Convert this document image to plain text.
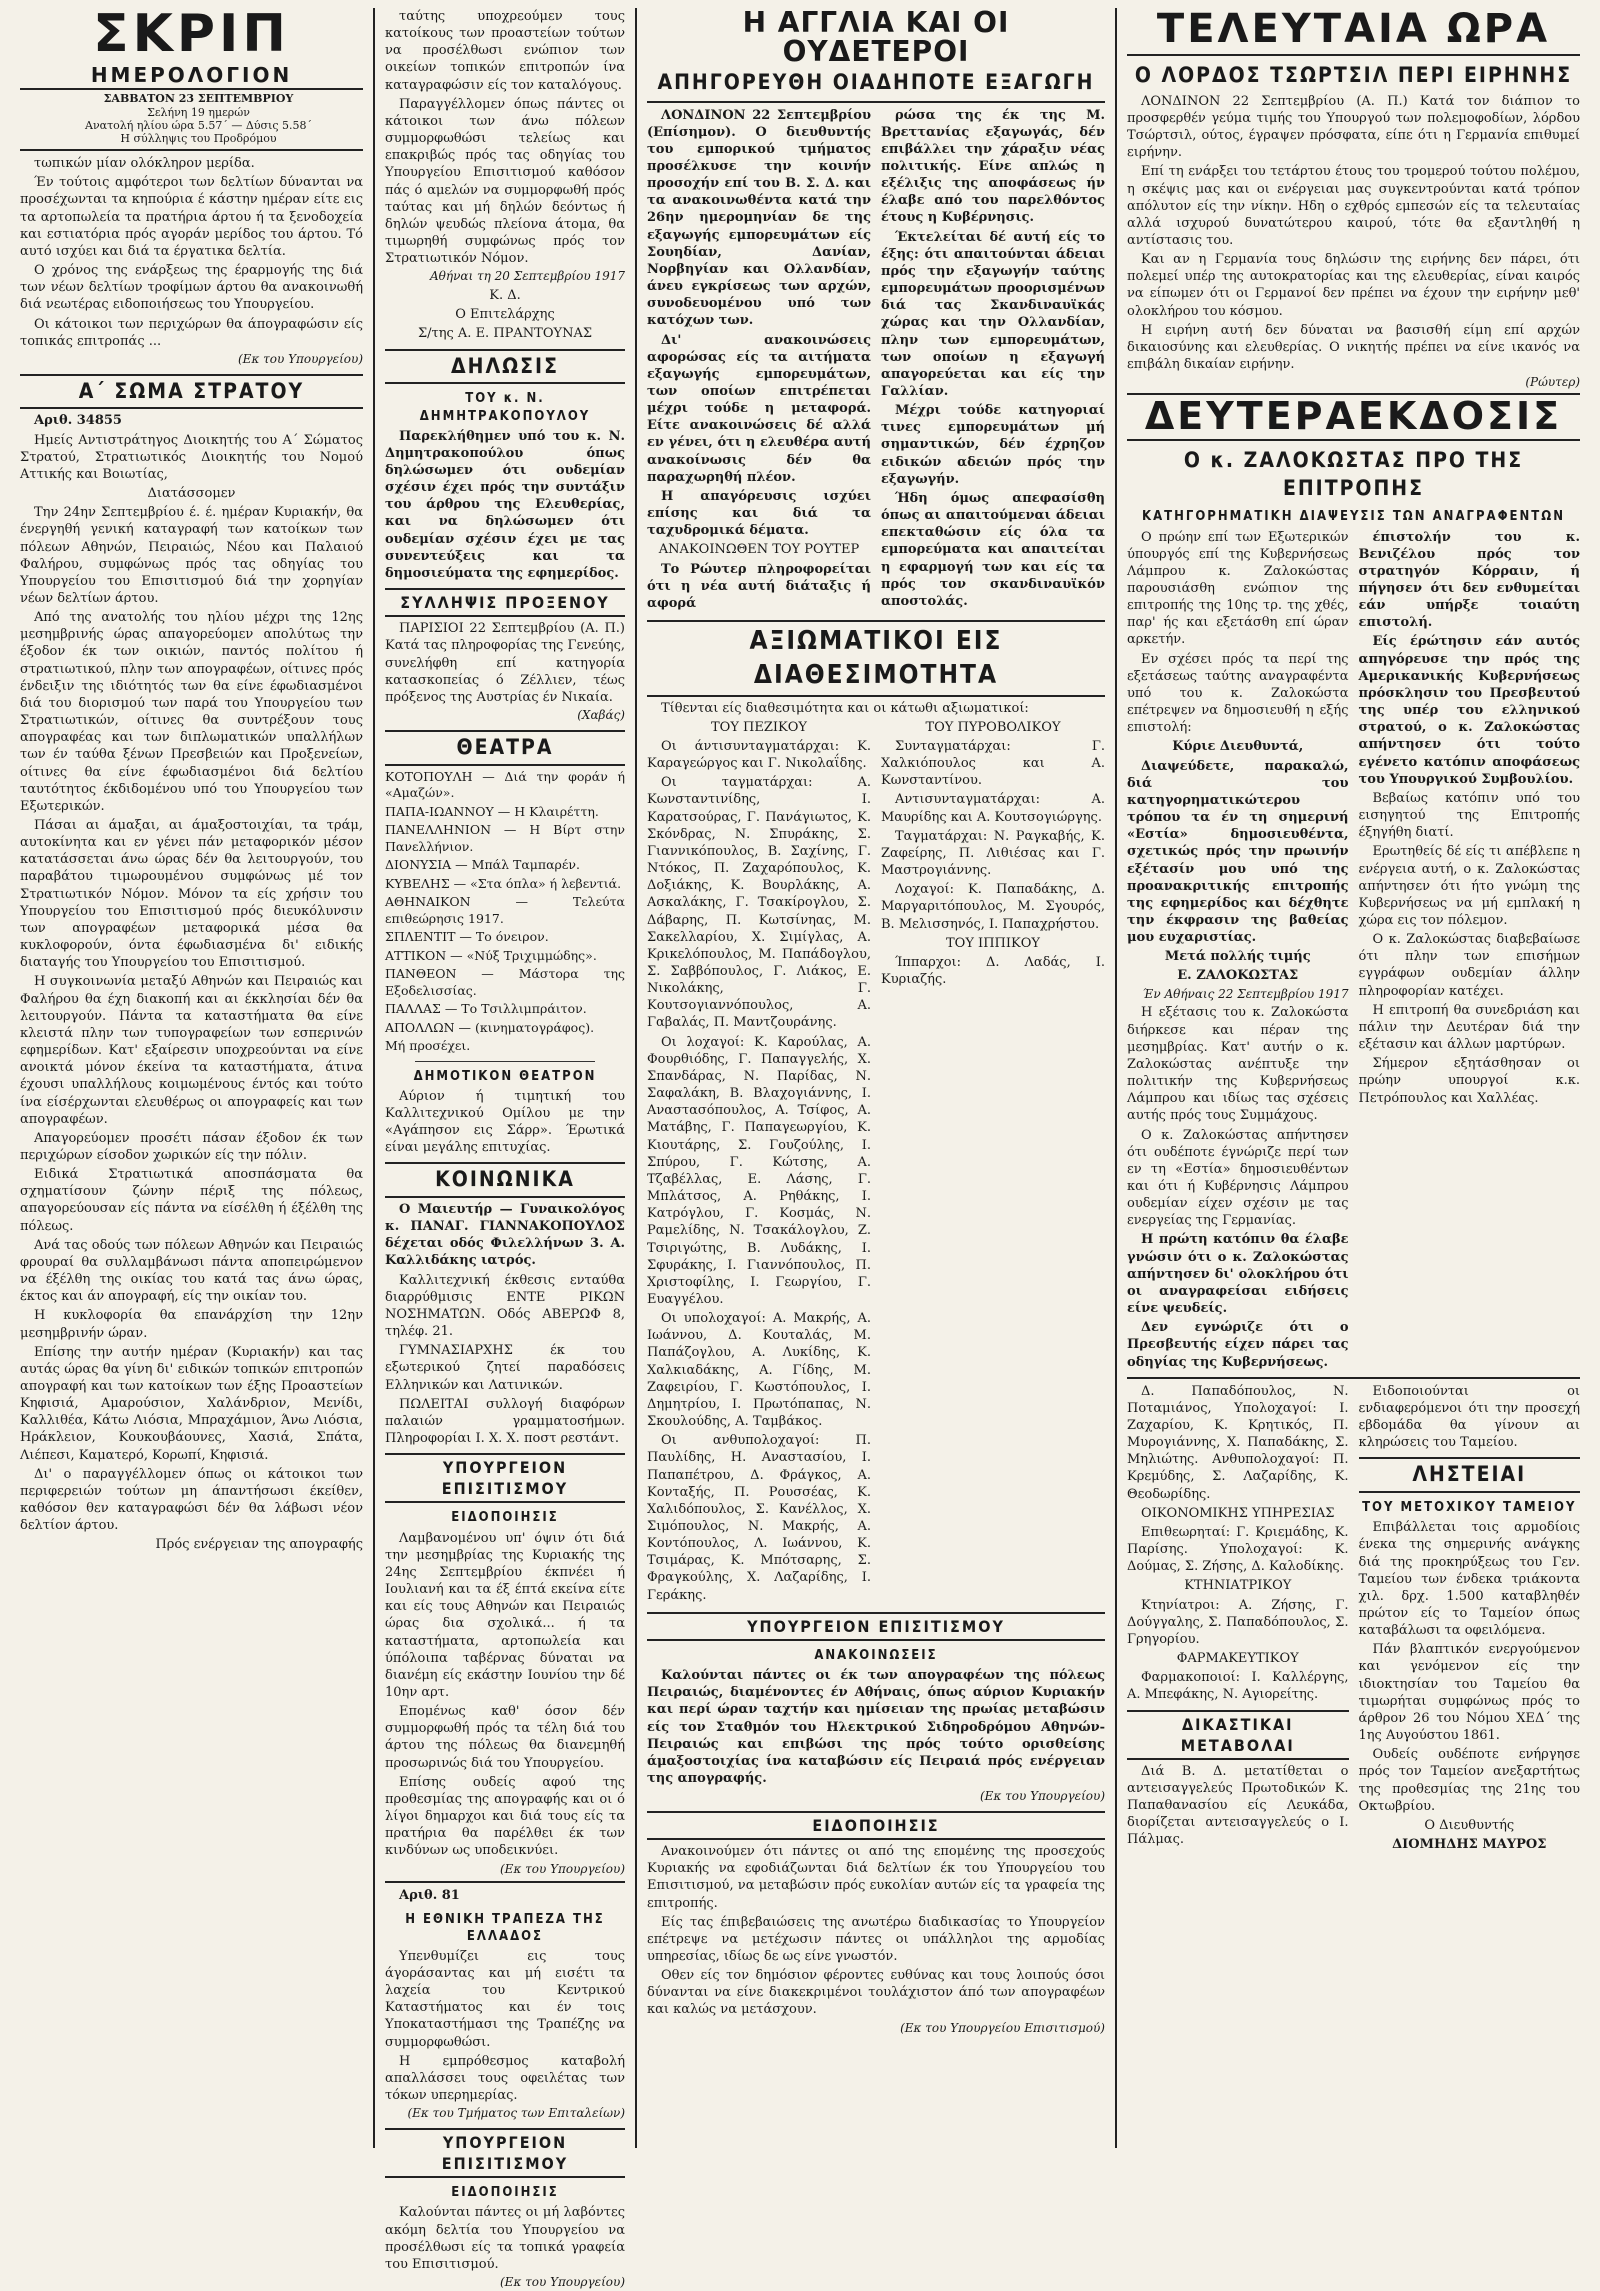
ΣΚΡΙΠ
ΗΜΕΡΟΛΟΓΙΟΝ

ΣΑΒΒΑΤΟΝ 23 ΣΕΠΤΕΜΒΡΙΟΥ

Σελήνη 19 ημερών

Ανατολή ηλίου ώρα 5.57΄ — Δύσις 5.58΄

Η σύλληψις του Προδρόμου

τωπικών μίαν ολόκληρον μερίδα.

Έν τούτοις αμφότεροι των δελτίων δύνανται να προσέχωνται τα κηπούρια έ κάστην ημέραν είτε εις τα αρτοπωλεία τα πρατήρια άρτου ή τα ξενοδοχεία και εστιατόρια πρός αγοράν μερίδος του άρτου. Τό αυτό ισχύει και διά τα έργατικα δελτία.

Ο χρόνος της ενάρξεως της έραρμογής της διά των νέων δελτίων τροφίμων άρτου θα ανακοινωθή διά νεωτέρας ειδοποιήσεως του Υπουργείου.

Οι κάτοικοι των περιχώρων θα άπογραφώσιν είς τοπικάς επιτροπάς ...

(Εκ του Υπουργείου)

Α΄ ΣΩΜΑ ΣΤΡΑΤΟΥ

Αριθ. 34855

Ημείς Αντιστράτηγος Διοικητής του Α΄ Σώματος Στρατού, Στρατιωτικός Διοικητής του Νομού Αττικής και Βοιωτίας,

Διατάσσομεν

Την 24ην Σεπτεμβρίου έ. έ. ημέραν Κυριακήν, θα ένεργηθή γενική καταγραφή των κατοίκων των πόλεων Αθηνών, Πειραιώς, Νέου και Παλαιού Φαλήρου, συμφώνως πρός τας οδηγίας του Υπουργείου του Επισιτισμού διά την χορηγίαν νέων δελτίων άρτου.

Από της ανατολής του ηλίου μέχρι της 12ης μεσημβρινής ώρας απαγορεύομεν απολύτως την έξοδον έκ των οικιών, παντός πολίτου ή στρατιωτικού, πλην των απογραφέων, οίτινες πρός ένδειξιν της ιδιότητός των θα είνε έφωδιασμένοι διά του διορισμού των παρά του Υπουργείου των Στρατιωτικών, οίτινες θα συντρέξουν τους απογραφέας και των διπλωματικών υπαλλήλων των έν ταύθα ξένων Πρεσβειών και Προξενείων, οίτινες θα είνε έφωδιασμένοι διά δελτίου ταυτότητος έκδιδομένου υπό του Υπουργείου των Εξωτερικών.

Πάσαι αι άμαξαι, αι άμαξοστοιχίαι, τα τράμ, αυτοκίνητα και εν γένει πάν μεταφορικόν μέσον κατατάσσεται άνω ώρας δέν θα λειτουργούν, του παραβάτου τιμωρουμένου συμφώνως μέ τον Στρατιωτικόν Νόμον. Μόνον τα είς χρήσιν του Υπουργείου του Επισιτισμού πρός διευκόλυνσιν των απογραφέων μεταφορικά μέσα θα κυκλοφορούν, όντα έφωδιασμένα δι' ειδικής διαταγής του Υπουργείου του Επισιτισμού.

Η συγκοινωνία μεταξύ Αθηνών και Πειραιώς και Φαλήρου θα έχη διακοπή και αι έκκλησίαι δέν θα λειτουργούν. Πάντα τα καταστήματα θα είνε κλειστά πλην των τυπογραφείων των εσπερινών εφημερίδων. Κατ' εξαίρεσιν υποχρεούνται να είνε ανοικτά μόνον έκείνα τα καταστήματα, άτινα έχουσι υπαλλήλους κοιμωμένους έντός και τούτο ίνα είσέρχωνται ελευθέρως οι απογραφείς και των απογραφέων.

Απαγορεύομεν προσέτι πάσαν έξοδον έκ των περιχώρων είσοδον χωρικών είς την πόλιν.

Ειδικά Στρατιωτικά αποσπάσματα θα σχηματίσουν ζώνην πέριξ της πόλεως, απαγορεύουσαν είς πάντα να είσέλθη ή έξέλθη της πόλεως.

Ανά τας οδούς των πόλεων Αθηνών και Πειραιώς φρουραί θα συλλαμβάνωσι πάντα αποπειρώμενον να έξέλθη της οικίας του κατά τας άνω ώρας, έκτος και άν απογραφή, είς την οικίαν του.

Η κυκλοφορία θα επανάρχίση την 12ην μεσημβρινήν ώραν.

Επίσης την αυτήν ημέραν (Κυριακήν) και τας αυτάς ώρας θα γίνη δι' ειδικών τοπικών επιτροπών απογραφή και των κατοίκων των έξης Προαστείων Κηφισιά, Αμαρούσιον, Χαλάνδριον, Μενίδι, Καλλιθέα, Κάτω Λιόσια, Μπραχάμιον, Άνω Λιόσια, Ηράκλειον, Κουκουβάουνες, Χασιά, Σπάτα, Λιέπεσι, Καματερό, Κορωπί, Κηφισιά.

Δι' ο παραγγέλλομεν όπως οι κάτοικοι των περιφερειών τούτων μη άπαντήσωσι έκείθεν, καθόσον θεν καταγραφώσι δέν θα λάβωσι νέον δελτίον άρτου.

Πρός ενέργειαν της απογραφής

ταύτης υποχρεούμεν τους κατοίκους των προαστείων τούτων να προσέλθωσι ενώπιον των οικείων τοπικών επιτροπών ίνα καταγραφώσιν είς τον καταλόγους.

Παραγγέλλομεν όπως πάντες οι κάτοικοι των άνω πόλεων συμμορφωθώσι τελείως και επακριβώς πρός τας οδηγίας του Υπουργείου Επισιτισμού καθόσον πάς ό αμελών να συμμορφωθή πρός ταύτας και μή δηλών δεόντως ή δηλών ψευδώς πλείονα άτομα, θα τιμωρηθή συμφώνως πρός τον Στρατιωτικόν Νόμον.

Αθήναι τη 20 Σεπτεμβρίου 1917

Κ. Δ.

Ο Επιτελάρχης

Σ/της Α. Ε. ΠΡΑΝΤΟΥΝΑΣ

ΔΗΛΩΣΙΣ
ΤΟΥ κ. Ν. ΔΗΜΗΤΡΑΚΟΠΟΥΛΟΥ

Παρεκλήθημεν υπό του κ. Ν. Δημητρακοπούλου όπως δηλώσωμεν ότι ουδεμίαν σχέσιν έχει πρός την συντάξιν του άρθρου της Ελευθερίας, και να δηλώσωμεν ότι ουδεμίαν σχέσιν έχει με τας συνεντεύξεις και τα δημοσιεύματα της εφημερίδος.

ΣΥΛΛΗΨΙΣ ΠΡΟΞΕΝΟΥ

ΠΑΡΙΣΙΟΙ 22 Σεπτεμβρίου (Α. Π.) Κατά τας πληροφορίας της Γενεύης, συνελήφθη επί κατηγορία κατασκοπείας ό Ζέλλιεν, τέως πρόξενος της Αυστρίας έν Νικαία.

(Χαβάς)

ΘΕΑΤΡΑ

ΚΟΤΟΠΟΥΛΗ — Διά την φοράν ή «Αμαζών».

ΠΑΠΑ-ΙΩΑΝΝΟΥ — Η Κλαιρέττη.

ΠΑΝΕΛΛΗΝΙΟΝ — Η Βίρτ στην Πανελλήνιον.

ΔΙΟΝΥΣΙΑ — Μπάλ Ταμπαρέν.

ΚΥΒΕΛΗΣ — «Στα όπλα» ή λεβεντιά.

ΑΘΗΝΑΙΚΟΝ — Τελεύτα επιθεώρησις 1917.

ΣΠΛΕΝΤΙΤ — Το όνειρον.

ΑΤΤΙΚΟΝ — «Νύξ Τριχιμμώδης».

ΠΑΝΘΕΟΝ — Μάστορα της Εξοδελισσίας.

ΠΑΛΛΑΣ — Το Τσιλλιμπράιτον.

ΑΠΟΛΛΩΝ — (κινηματογράφος).

Μή προσέχει.

ΔΗΜΟΤΙΚΟΝ ΘΕΑΤΡΟΝ

Αύριον ή τιμητική του Καλλιτεχνικού Ομίλου με την «Αγάπησον εις Σάρρ». Έρωτικά είναι μεγάλης επιτυχίας.

ΚΟΙΝΩΝΙΚΑ

Ο Μαιευτήρ — Γυναικολόγος κ. ΠΑΝΑΓ. ΓΙΑΝΝΑΚΟΠΟΥΛΟΣ δέχεται οδός Φιλελλήνων 3. Α. Καλλιδάκης ιατρός.

Καλλιτεχνική έκθεσις ενταύθα διαρρύθμισις ΕΝΤΕ ΡΙΚΩΝ ΝΟΣΗΜΑΤΩΝ. Οδός ΑΒΕΡΩΦ 8, τηλέφ. 21.

ΓΥΜΝΑΣΙΑΡΧΗΣ έκ του εξωτερικού ζητεί παραδόσεις Ελληνικών και Λατινικών.

ΠΩΛΕΙΤΑΙ συλλογή διαφόρων παλαιών γραμματοσήμων. Πληροφορίαι Ι. Χ. Χ. ποστ ρεστάντ.

ΥΠΟΥΡΓΕΙΟΝ ΕΠΙΣΙΤΙΣΜΟΥ
ΕΙΔΟΠΟΙΗΣΙΣ

Λαμβανομένου υπ' όψιν ότι διά την μεσημβρίας της Κυριακής της 24ης Σεπτεμβρίου έκπνέει ή Ιουλιανή και τα έξ έπτά εκείνα είτε και είς τους Αθηνών και Πειραιώς ώρας δια σχολικά... ή τα καταστήματα, αρτοπωλεία και ύπόλοιπα ταβέρνας δύναται να διανέμη είς εκάστην Ιουνίου την δέ 10ην αρτ.

Επομένως καθ' όσον δέν συμμορφωθή πρός τα τέλη διά του άρτου της πόλεως θα διανεμηθή προσωρινώς διά του Υπουργείου.

Επίσης ουδείς αφού της προθεσμίας της απογραφής και οι ό λίγοι δημαρχοι και διά τους είς τα πρατήρια θα παρέλθει έκ των κινδύνων ως υποδεικνύει.

(Εκ του Υπουργείου)

Αριθ. 81

Η ΕΘΝΙΚΗ ΤΡΑΠΕΖΑ ΤΗΣ ΕΛΛΑΔΟΣ

Υπενθυμίζει εις τους άγοράσαντας και μή εισέτι τα λαχεία του Κεντρικού Καταστήματος και έν τοις Υποκαταστήμασι της Τραπέζης να συμμορφωθώσι.

Η εμπρόθεσμος καταβολή απαλλάσσει τους οφειλέτας των τόκων υπερημερίας.

(Εκ του Τμήματος των Επιταλείων)

ΥΠΟΥΡΓΕΙΟΝ ΕΠΙΣΙΤΙΣΜΟΥ
ΕΙΔΟΠΟΙΗΣΙΣ

Καλούνται πάντες οι μή λαβόντες ακόμη δελτία του Υπουργείου να προσέλθωσι είς τα τοπικά γραφεία του Επισιτισμού.

(Εκ του Υπουργείου)

Η ΑΓΓΛΙΑ ΚΑΙ ΟΙ ΟΥΔΕΤΕΡΟΙ
ΑΠΗΓΟΡΕΥΘΗ ΟΙΑΔΗΠΟΤΕ ΕΞΑΓΩΓΗ

ΛΟΝΔΙΝΟΝ 22 Σεπτεμβρίου (Επίσημον). Ο διευθυντής του εμπορικού τμήματος προσέλκυσε την κοινήν προσοχήν επί του Β. Σ. Δ. και τα ανακοινωθέντα κατά την 26ην ημερομηνίαν δε της εξαγωγής εμπορευμάτων είς Σουηδίαν, Δανίαν, Νορβηγίαν και Ολλανδίαν, άνευ εγκρίσεως των αρχών, συνοδευομένου υπό των κατόχων των.

Δι' ανακοινώσεις αφορώσας είς τα αιτήματα εξαγωγής εμπορευμάτων, των οποίων επιτρέπεται μέχρι τούδε η μεταφορά. Είτε ανακοινώσεις δέ αλλά εν γένει, ότι η ελευθέρα αυτή ανακοίνωσις δέν θα παραχωρηθή πλέον.

Η απαγόρευσις ισχύει επίσης και διά τα ταχυδρομικά δέματα.

ΑΝΑΚΟΙΝΩΘΕΝ ΤΟΥ ΡΟΥΤΕΡ

Το Ρώυτερ πληροφορείται ότι η νέα αυτή διάταξις ή αφορά

ρώσα της έκ της Μ. Βρεττανίας εξαγωγάς, δέν επιβάλλει την χάραξιν νέας πολιτικής. Είνε απλώς η εξέλιξις της αποφάσεως ήν έλαβε από του παρελθόντος έτους η Κυβέρνησις.

Έκτελείται δέ αυτή είς το έξης: ότι απαιτούνται άδειαι πρός την εξαγωγήν ταύτης εμπορευμάτων προορισμένων διά τας Σκανδιναυϊκάς χώρας και την Ολλανδίαν, πλην των εμπορευμάτων, των οποίων η εξαγωγή απαγορεύεται και είς την Γαλλίαν.

Μέχρι τούδε κατηγοριαί τινες εμπορευμάτων μή σημαντικών, δέν έχρηζον ειδικών αδειών πρός την εξαγωγήν.

Ήδη όμως απεφασίσθη όπως αι απαιτούμεναι άδειαι επεκταθώσιν είς όλα τα εμπορεύματα και απαιτείται η εφαρμογή των και είς τα πρός τον σκανδιναυϊκόν αποστολάς.

ΑΞΙΩΜΑΤΙΚΟΙ ΕΙΣ ΔΙΑΘΕΣΙΜΟΤΗΤΑ

Τίθενται είς διαθεσιμότητα και οι κάτωθι αξιωματικοί:

ΤΟΥ ΠΕΖΙΚΟΥ

Οι άντισυνταγματάρχαι: Κ. Καραγεώργος και Γ. Νικολαΐδης.

Οι ταγματάρχαι: Α. Κωνσταντινίδης, Ι. Καρατσούρας, Γ. Πανάγιωτος, Κ. Σκόνδρας, Ν. Σπυράκης, Σ. Γιαννικόπουλος, Β. Σαχίνης, Γ. Ντόκος, Π. Ζαχαρόπουλος, Κ. Δοξιάκης, Κ. Βουρλάκης, Α. Ασκαλάκης, Γ. Τσακίρογλου, Σ. Δάβαρης, Π. Κωτσίνηας, Μ. Σακελλαρίου, Χ. Σιμίγλας, Α. Κρικελόπουλος, Μ. Παπάδογλου, Σ. Σαββόπουλος, Γ. Λιάκος, Ε. Νικολάκης, Γ. Κουτσογιαννόπουλος, Α. Γαβαλάς, Π. Μαντζουράνης.

Οι λοχαγοί: Κ. Καρούλας, Α. Φουρθιόδης, Γ. Παπαγγελής, Χ. Σπανδάρας, Ν. Παρίδας, Ν. Σαφαλάκη, Β. Βλαχογιάννης, Ι. Αναστασόπουλος, Α. Τσίφος, Α. Ματάβης, Γ. Παπαγεωργίου, Κ. Κιουτάρης, Σ. Γουζούλης, Ι. Σπύρου, Γ. Κώτσης, Α. Τζαβέλλας, Ε. Λάσης, Γ. Μπλάτσος, Α. Ρηθάκης, Ι. Κατρόγλου, Γ. Κοσμάς, Ν. Ραμελίδης, Ν. Τσακάλογλου, Ζ. Τσιριγώτης, Β. Λυδάκης, Ι. Σφυράκης, Ι. Γιαννόπουλος, Π. Χριστοφίλης, Ι. Γεωργίου, Γ. Ευαγγέλου.

Οι υπολοχαγοί: Α. Μακρής, Α. Ιωάννου, Δ. Κουταλάς, Μ. Παπάζογλου, Α. Λυκίδης, Κ. Χαλκιαδάκης, Α. Γίδης, Μ. Ζαφειρίου, Γ. Κωστόπουλος, Ι. Δημητρίου, Ι. Πρωτόπαπας, Ν. Σκουλούδης, Α. Ταμβάκος.

Οι ανθυπολοχαγοί: Π. Παυλίδης, Η. Αναστασίου, Ι. Παπαπέτρου, Δ. Φράγκος, Α. Κονταξής, Π. Ρουσσέας, Κ. Χαλιδόπουλος, Σ. Κανέλλος, Χ. Σιμόπουλος, Ν. Μακρής, Α. Κοντόπουλος, Λ. Ιωάννου, Κ. Τσιμάρας, Κ. Μπότσαρης, Σ. Φραγκούλης, Χ. Λαζαρίδης, Ι. Γεράκης.

ΤΟΥ ΠΥΡΟΒΟΛΙΚΟΥ

Συνταγματάρχαι: Γ. Χαλκιόπουλος και Α. Κωνσταντίνου.

Αντισυνταγματάρχαι: Α. Μαυρίδης και Α. Κουτσογιώργης.

Ταγματάρχαι: Ν. Ραγκαβής, Κ. Ζαφείρης, Π. Λιθιέσας και Γ. Μαστρογιάννης.

Λοχαγοί: Κ. Παπαδάκης, Δ. Μαργαριτόπουλος, Μ. Σγουρός, Β. Μελισσηνός, Ι. Παπαχρήστου.

ΤΟΥ ΙΠΠΙΚΟΥ

Ίππαρχοι: Δ. Λαδάς, Ι. Κυριαζής.

ΥΠΟΥΡΓΕΙΟΝ ΕΠΙΣΙΤΙΣΜΟΥ
ΑΝΑΚΟΙΝΩΣΕΙΣ

Καλούνται πάντες οι έκ των απογραφέων της πόλεως Πειραιώς, διαμένοντες έν Αθήναις, όπως αύριον Κυριακήν και περί ώραν ταχτήν και ημίσειαν της πρωίας μεταβώσιν είς τον Σταθμόν του Ηλεκτρικού Σιδηροδρόμου Αθηνών-Πειραιώς και επιβώσι της πρός τούτο ορισθείσης άμαξοστοιχίας ίνα καταβώσιν είς Πειραιά πρός ενέργειαν της απογραφής.

(Εκ του Υπουργείου)

ΕΙΔΟΠΟΙΗΣΙΣ

Ανακοινούμεν ότι πάντες οι από της επομένης της προσεχούς Κυριακής να εφοδιάζωνται διά δελτίων έκ του Υπουργείου του Επισιτισμού, να μεταβώσιν πρός ευκολίαν αυτών είς τα γραφεία της επιτροπής.

Είς τας έπιβεβαιώσεις της ανωτέρω διαδικασίας το Υπουργείον επέτρεψε να μετέχωσιν πάντες οι υπάλληλοι της αρμοδίας υπηρεσίας, ιδίως δε ως είνε γνωστόν.

Οθεν είς τον δημόσιον φέροντες ευθύνας και τους λοιπούς όσοι δύνανται να είνε διακεκριμένοι τουλάχιστον άπό των απογραφέων και καλώς να μετάσχουν.

(Εκ του Υπουργείου Επισιτισμού)

ΤΕΛΕΥΤΑΙΑ ΩΡΑ
Ο ΛΟΡΔΟΣ ΤΣΩΡΤΣΙΛ ΠΕΡΙ ΕΙΡΗΝΗΣ

ΛΟΝΔΙΝΟΝ 22 Σεπτεμβρίου (Α. Π.) Κατά τον διάπιον το προσφερθέν γεύμα τιμής του Υπουργού των πολεμοφοδίων, λόρδου Τσώρτσιλ, ούτος, έγραψεν πρόσφατα, είπε ότι η Γερμανία επιθυμεί ειρήνην.

Επί τη ενάρξει του τετάρτου έτους του τρομερού τούτου πολέμου, η σκέψις μας και οι ενέργειαι μας συγκεντρούνται κατά τρόπον απόλυτον είς την νίκην. Ηδη ο εχθρός εμπεσών είς τα τελευταίας αλλά ισχυρού δυνατώτερου καιρού, τότε θα εξαντληθή η αντίστασις του.

Και αν η Γερμανία τους δηλώσιν της ειρήνης δεν πάρει, ότι πολεμεί υπέρ της αυτοκρατορίας και της ελευθερίας, είναι καιρός να είπωμεν ότι οι Γερμανοί δεν πρέπει να έχουν την ειρήνην μεθ' ολοκλήρου του κόσμου.

Η ειρήνη αυτή δεν δύναται να βασισθή είμη επί αρχών δικαιοσύνης και ελευθερίας. Ο νικητής πρέπει να είνε ικανός να επιβάλη δικαίαν ειρήνην.

(Ρώυτερ)

ΔΕΥΤΕΡΑΕΚΔΟΣΙΣ
Ο κ. ΖΑΛΟΚΩΣΤΑΣ ΠΡΟ ΤΗΣ ΕΠΙΤΡΟΠΗΣ
ΚΑΤΗΓΟΡΗΜΑΤΙΚΗ ΔΙΑΨΕΥΣΙΣ ΤΩΝ ΑΝΑΓΡΑΦΕΝΤΩΝ

Ο πρώην επί των Εξωτερικών ύπουργός επί της Κυβερνήσεως Λάμπρου κ. Ζαλοκώστας παρουσιάσθη ενώπιον της επιτροπής της 10ης τρ. της χθές, παρ' ής και εξετάσθη επί ώραν αρκετήν.

Εν σχέσει πρός τα περί της εξετάσεως ταύτης αναγραφέντα υπό του κ. Ζαλοκώστα επέτρεψεν να δημοσιευθή η εξής επιστολή:

Κύριε Διευθυντά,

Διαψεύδετε, παρακαλώ, διά του κατηγορηματικώτερου τρόπου τα έν τη σημερινή «Εστία» δημοσιευθέντα, σχετικώς πρός την πρωινήν εξέτασίν μου υπό της προανακριτικής επιτροπής της εφημερίδος και δέχθητε την έκφρασιν της βαθείας μου ευχαριστίας.

Μετά πολλής τιμής

Ε. ΖΑΛΟΚΩΣΤΑΣ

Έν Αθήναις 22 Σεπτεμβρίου 1917

Η εξέτασις του κ. Ζαλοκώστα διήρκεσε και πέραν της μεσημβρίας. Κατ' αυτήν ο κ. Ζαλοκώστας ανέπτυξε την πολιτικήν της Κυβερνήσεως Λάμπρου και ιδίως τας σχέσεις αυτής πρός τους Συμμάχους.

Ο κ. Ζαλοκώστας απήντησεν ότι ουδέποτε έγνώριζε περί των εν τη «Εστία» δημοσιευθέντων και ότι ή Κυβέρνησις Λάμπρου ουδεμίαν είχεν σχέσιν με τας ενεργείας της Γερμανίας.

Η πρώτη κατόπιν θα έλαβε γνώσιν ότι ο κ. Ζαλοκώστας απήντησεν δι' ολοκλήρου ότι οι αναγραφείσαι ειδήσεις είνε ψευδείς.

Δεν εγνώριζε ότι ο Πρεσβευτής είχεν πάρει τας οδηγίας της Κυβερνήσεως.

έπιστολήν του κ. Βενιζέλου πρός τον στρατηγόν Κόρραιν, ή πήγησεν ότι δεν ενθυμείται εάν υπήρξε τοιαύτη επιστολή.

Είς έρώτησιν εάν αυτός απηγόρευσε την πρός της Αμερικανικής Κυβερνήσεως πρόσκλησιν του Πρεσβευτού της υπέρ του ελληνικού στρατού, ο κ. Ζαλοκώστας απήντησεν ότι τούτο εγένετο κατόπιν αποφάσεως του Υπουργικού Συμβουλίου.

Βεβαίως κατόπιν υπό του εισηγητού της Επιτροπής έξηγήθη διατί.

Ερωτηθείς δέ είς τι απέβλεπε η ενέργεια αυτή, ο κ. Ζαλοκώστας απήντησεν ότι ήτο γνώμη της Κυβερνήσεως να μή εμπλακή η χώρα εις τον πόλεμον.

Ο κ. Ζαλοκώστας διαβεβαίωσε ότι πλην των επισήμων εγγράφων ουδεμίαν άλλην πληροφορίαν κατέχει.

Η επιτροπή θα συνεδριάση και πάλιν την Δευτέραν διά την εξέτασιν και άλλων μαρτύρων.

Σήμερον εξητάσθησαν οι πρώην υπουργοί κ.κ. Πετρόπουλος και Χαλλέας.

Δ. Παπαδόπουλος, Ν. Ποταμιάνος, Υπολοχαγοί: Ι. Ζαχαρίου, Κ. Κρητικός, Π. Μυρογιάννης, Χ. Παπαδάκης, Σ. Μηλιώτης. Ανθυπολοχαγοί: Π. Κρεμύδης, Σ. Λαζαρίδης, Κ. Θεοδωρίδης.

ΟΙΚΟΝΟΜΙΚΗΣ ΥΠΗΡΕΣΙΑΣ

Επιθεωρηταί: Γ. Κριεμάδης, Κ. Παρίσης. Υπολοχαγοί: Κ. Δούμας, Σ. Ζήσης, Δ. Καλοδίκης.

ΚΤΗΝΙΑΤΡΙΚΟΥ

Κτηνίατροι: Α. Ζήσης, Γ. Δούγγαλης, Σ. Παπαδόπουλος, Σ. Γρηγορίου.

ΦΑΡΜΑΚΕΥΤΙΚΟΥ

Φαρμακοποιοί: Ι. Καλλέργης, Α. Μπεφάκης, Ν. Αγιορείτης.

ΔΙΚΑΣΤΙΚΑΙ ΜΕΤΑΒΟΛΑΙ

Διά Β. Δ. μετατίθεται ο αντεισαγγελεύς Πρωτοδικών Κ. Παπαθανασίου είς Λευκάδα, διορίζεται αντεισαγγελεύς ο Ι. Πάλμας.

Ειδοποιούνται οι ενδιαφερόμενοι ότι την προσεχή εβδομάδα θα γίνουν αι κληρώσεις του Ταμείου.

ΛΗΣΤΕΙΑΙ
ΤΟΥ ΜΕΤΟΧΙΚΟΥ ΤΑΜΕΙΟΥ

Επιβάλλεται τοις αρμοδίοις ένεκα της σημερινής ανάγκης διά της προκηρύξεως του Γεν. Ταμείου των ένδεκα τριάκοντα χιλ. δρχ. 1.500 καταβληθέν πρώτον είς το Ταμείον όπως καταβάλωσι τα οφειλόμενα.

Πάν βλαπτικόν ενεργούμενον και γενόμενον είς την ιδιοκτησίαν του Ταμείου θα τιμωρήται συμφώνως πρός το άρθρον 26 του Νόμου ΧΕΔ΄ της 1ης Αυγούστου 1861.

Ουδείς ουδέποτε ενήργησε πρός τον Ταμείον ανεξαρτήτως της προθεσμίας της 21ης του Οκτωβρίου.

Ο Διευθυντής

ΔΙΟΜΗΔΗΣ ΜΑΥΡΟΣ
